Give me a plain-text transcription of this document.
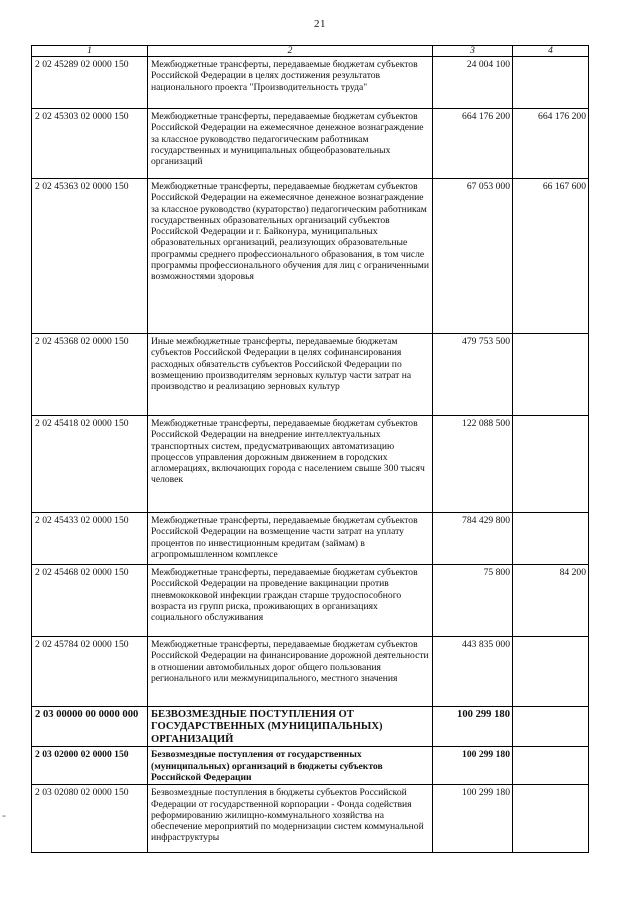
21
1	2	3	4
2 02 45289 02 0000 150	Межбюджетные трансферты, передаваемые бюджетам субъектов Российской Федерации в целях достижения результатов национального проекта "Производительность труда"	24 004 100	
2 02 45303 02 0000 150	Межбюджетные трансферты, передаваемые бюджетам субъектов Российской Федерации на ежемесячное денежное вознаграждение за классное руководство педагогическим работникам государственных и муниципальных общеобразовательных организаций	664 176 200	664 176 200
2 02 45363 02 0000 150	Межбюджетные трансферты, передаваемые бюджетам субъектов Российской Федерации на ежемесячное денежное вознаграждение за классное руководство (кураторство) педагогическим работникам государственных образовательных организаций субъектов Российской Федерации и г. Байконура, муниципальных образовательных организаций, реализующих образовательные программы среднего профессионального образования, в том числе программы профессионального обучения для лиц с ограниченными возможностями здоровья	67 053 000	66 167 600
2 02 45368 02 0000 150	Иные межбюджетные трансферты, передаваемые бюджетам субъектов Российской Федерации в целях софинансирования расходных обязательств субъектов Российской Федерации по возмещению производителям зерновых культур части затрат на производство и реализацию зерновых культур	479 753 500	
2 02 45418 02 0000 150	Межбюджетные трансферты, передаваемые бюджетам субъектов Российской Федерации на внедрение интеллектуальных транспортных систем, предусматривающих автоматизацию процессов управления дорожным движением в городских агломерациях, включающих города с населением свыше 300 тысяч человек	122 088 500	
2 02 45433 02 0000 150	Межбюджетные трансферты, передаваемые бюджетам субъектов Российской Федерации на возмещение части затрат на уплату процентов по инвестиционным кредитам (займам) в агропромышленном комплексе	784 429 800	
2 02 45468 02 0000 150	Межбюджетные трансферты, передаваемые бюджетам субъектов Российской Федерации на проведение вакцинации против пневмококковой инфекции граждан старше трудоспособного возраста из групп риска, проживающих в организациях социального обслуживания	75 800	84 200
2 02 45784 02 0000 150	Межбюджетные трансферты, передаваемые бюджетам субъектов Российской Федерации на финансирование дорожной деятельности в отношении автомобильных дорог общего пользования регионального или межмуниципального, местного значения	443 835 000	
2 03 00000 00 0000 000	БЕЗВОЗМЕЗДНЫЕ ПОСТУПЛЕНИЯ ОТ ГОСУДАРСТВЕННЫХ (МУНИЦИПАЛЬНЫХ) ОРГАНИЗАЦИЙ	100 299 180	
2 03 02000 02 0000 150	Безвозмездные поступления от государственных (муниципальных) организаций в бюджеты субъектов Российской Федерации	100 299 180	
2 03 02080 02 0000 150	Безвозмездные поступления в бюджеты субъектов Российской Федерации от государственной корпорации - Фонда содействия реформированию жилищно-коммунального хозяйства на обеспечение мероприятий по модернизации систем коммунальной инфраструктуры	100 299 180	
-
